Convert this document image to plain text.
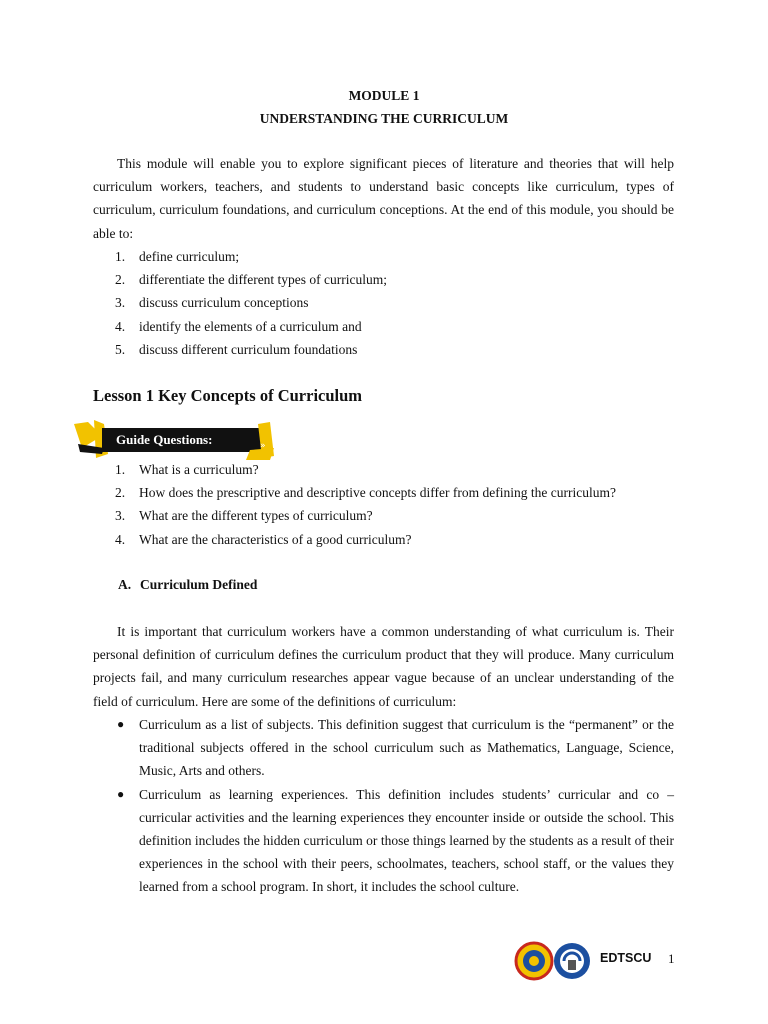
MODULE 1
UNDERSTANDING THE CURRICULUM

This module will enable you to explore significant pieces of literature and theories that will help curriculum workers, teachers, and students to understand basic concepts like curriculum, types of curriculum, curriculum foundations, and curriculum conceptions. At the end of this module, you should be able to:

1. define curriculum;
2. differentiate the different types of curriculum;
3. discuss curriculum conceptions
4. identify the elements of a curriculum and
5. discuss different curriculum foundations
Lesson 1 Key Concepts of Curriculum
»
Guide Questions:
1. What is a curriculum?
2. How does the prescriptive and descriptive concepts differ from defining the curriculum?
3. What are the different types of curriculum?
4. What are the characteristics of a good curriculum?
A. Curriculum Defined

It is important that curriculum workers have a common understanding of what curriculum is. Their personal definition of curriculum defines the curriculum product that they will produce. Many curriculum projects fail, and many curriculum researches appear vague because of an unclear understanding of the field of curriculum. Here are some of the definitions of curriculum:

● Curriculum as a list of subjects. This definition suggest that curriculum is the “permanent” or the traditional subjects offered in the school curriculum such as Mathematics, Language, Science, Music, Arts and others.
● Curriculum as learning experiences. This definition includes students’ curricular and co – curricular activities and the learning experiences they encounter inside or outside the school. This definition includes the hidden curriculum or those things learned by the students as a result of their experiences in the school with their peers, schoolmates, teachers, school staff, or the values they learned from a school program. In short, it includes the school culture.
EDTSCU 1
